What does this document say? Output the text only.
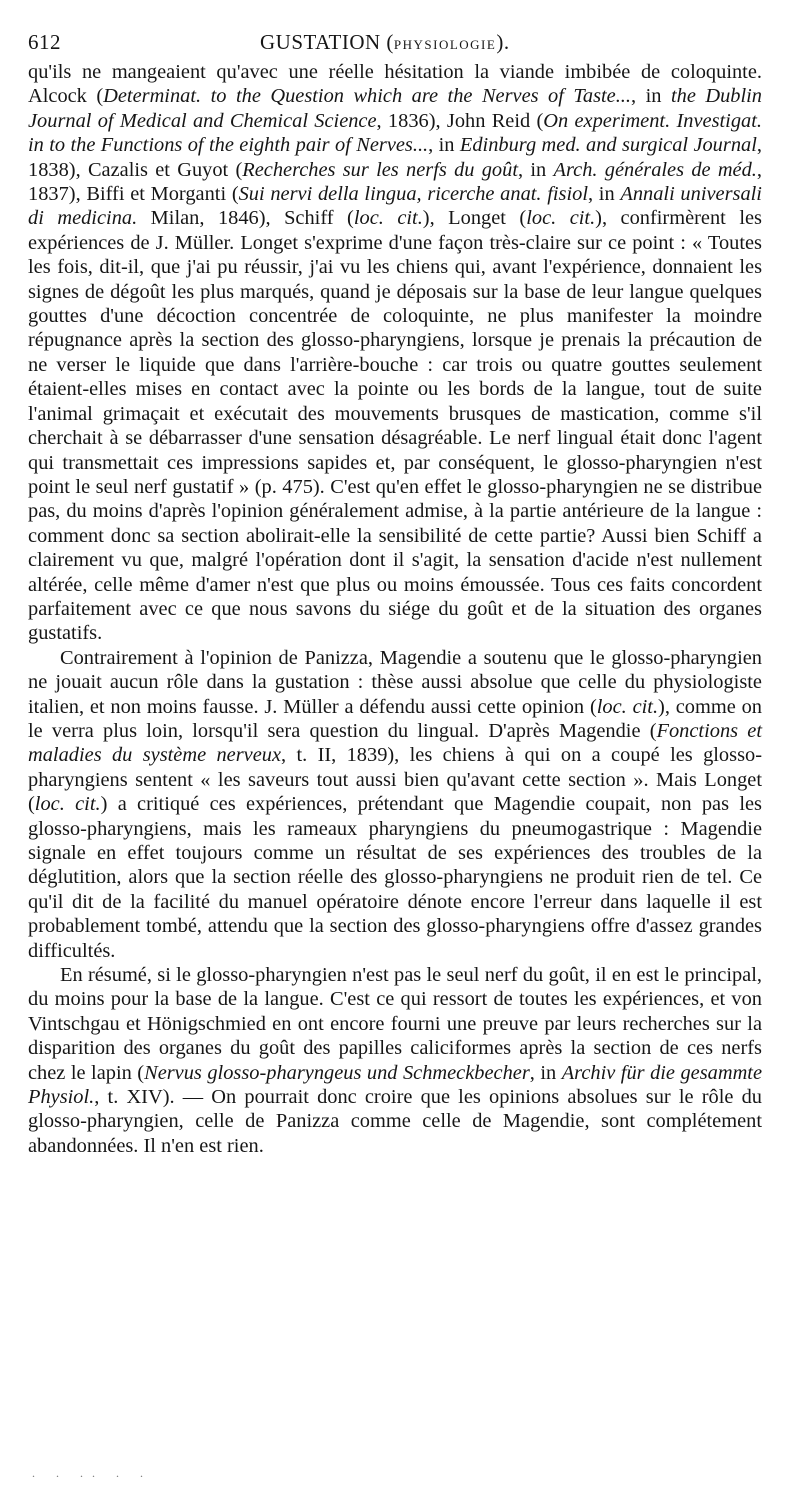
612	GUSTATION (PHYSIOLOGIE).

qu'ils ne mangeaient qu'avec une réelle hésitation la viande imbibée de coloquinte. Alcock (Determinat. to the Question which are the Nerves of Taste..., in the Dublin Journal of Medical and Chemical Science, 1836), John Reid (On experiment. Investigat. in to the Functions of the eighth pair of Nerves..., in Edinburg med. and surgical Journal, 1838), Cazalis et Guyot (Recherches sur les nerfs du goût, in Arch. générales de méd., 1837), Biffi et Morganti (Sui nervi della lingua, ricerche anat. fisiol, in Annali universali di medicina. Milan, 1846), Schiff (loc. cit.), Longet (loc. cit.), confirmèrent les expériences de J. Müller. Longet s'exprime d'une façon très-claire sur ce point : « Toutes les fois, dit-il, que j'ai pu réussir, j'ai vu les chiens qui, avant l'expérience, donnaient les signes de dégoût les plus marqués, quand je déposais sur la base de leur langue quelques gouttes d'une décoction concentrée de coloquinte, ne plus manifester la moindre répugnance après la section des glosso-pharyngiens, lorsque je prenais la précaution de ne verser le liquide que dans l'arrière-bouche : car trois ou quatre gouttes seulement étaient-elles mises en contact avec la pointe ou les bords de la langue, tout de suite l'animal grimaçait et exécutait des mouvements brusques de mastication, comme s'il cherchait à se débarrasser d'une sensation désagréable. Le nerf lingual était donc l'agent qui transmettait ces impressions sapides et, par conséquent, le glosso-pharyngien n'est point le seul nerf gustatif » (p. 475). C'est qu'en effet le glosso-pharyngien ne se distribue pas, du moins d'après l'opinion généralement admise, à la partie antérieure de la langue : comment donc sa section abolirait-elle la sensibilité de cette partie? Aussi bien Schiff a clairement vu que, malgré l'opération dont il s'agit, la sensation d'acide n'est nullement altérée, celle même d'amer n'est que plus ou moins émoussée. Tous ces faits concordent parfaitement avec ce que nous savons du siége du goût et de la situation des organes gustatifs.

Contrairement à l'opinion de Panizza, Magendie a soutenu que le glosso-pharyngien ne jouait aucun rôle dans la gustation : thèse aussi absolue que celle du physiologiste italien, et non moins fausse. J. Müller a défendu aussi cette opinion (loc. cit.), comme on le verra plus loin, lorsqu'il sera question du lingual. D'après Magendie (Fonctions et maladies du système nerveux, t. II, 1839), les chiens à qui on a coupé les glosso-pharyngiens sentent « les saveurs tout aussi bien qu'avant cette section ». Mais Longet (loc. cit.) a critiqué ces expériences, prétendant que Magendie coupait, non pas les glosso-pharyngiens, mais les rameaux pharyngiens du pneumogastrique : Magendie signale en effet toujours comme un résultat de ses expériences des troubles de la déglutition, alors que la section réelle des glosso-pharyngiens ne produit rien de tel. Ce qu'il dit de la facilité du manuel opératoire dénote encore l'erreur dans laquelle il est probablement tombé, attendu que la section des glosso-pharyngiens offre d'assez grandes difficultés.

En résumé, si le glosso-pharyngien n'est pas le seul nerf du goût, il en est le principal, du moins pour la base de la langue. C'est ce qui ressort de toutes les expériences, et von Vintschgau et Hönigschmied en ont encore fourni une preuve par leurs recherches sur la disparition des organes du goût des papilles caliciformes après la section de ces nerfs chez le lapin (Nervus glosso-pharyngeus und Schmeckbecher, in Archiv für die gesammte Physiol., t. XIV). — On pourrait donc croire que les opinions absolues sur le rôle du glosso-pharyngien, celle de Panizza comme celle de Magendie, sont complétement abandonnées. Il n'en est rien.

. . .. . .
